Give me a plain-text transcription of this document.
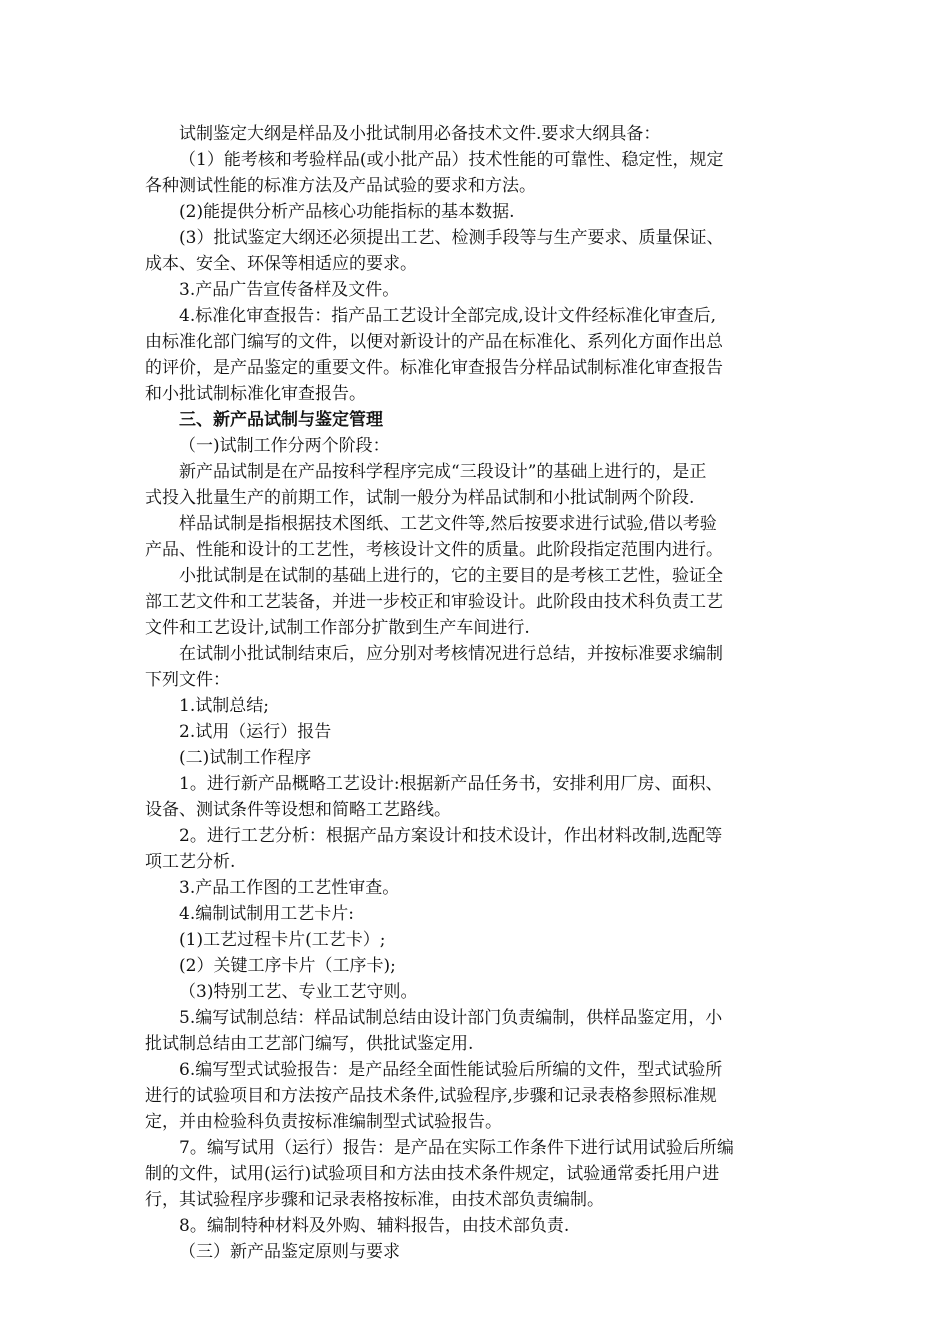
试制鉴定大纲是样品及小批试制用必备技术文件.要求大纲具备：
（1）能考核和考验样品(或小批产品）技术性能的可靠性、稳定性，规定
各种测试性能的标准方法及产品试验的要求和方法。
(2)能提供分析产品核心功能指标的基本数据.
(3）批试鉴定大纲还必须提出工艺、检测手段等与生产要求、质量保证、
成本、安全、环保等相适应的要求。
3.产品广告宣传备样及文件。
4.标准化审查报告：指产品工艺设计全部完成,设计文件经标准化审查后,
由标准化部门编写的文件，以便对新设计的产品在标准化、系列化方面作出总
的评价，是产品鉴定的重要文件。标准化审查报告分样品试制标准化审查报告
和小批试制标准化审查报告。
三、新产品试制与鉴定管理
（一)试制工作分两个阶段：
新产品试制是在产品按科学程序完成“三段设计”的基础上进行的，是正
式投入批量生产的前期工作，试制一般分为样品试制和小批试制两个阶段.
样品试制是指根据技术图纸、工艺文件等,然后按要求进行试验,借以考验
产品、性能和设计的工艺性，考核设计文件的质量。此阶段指定范围内进行。
小批试制是在试制的基础上进行的，它的主要目的是考核工艺性，验证全
部工艺文件和工艺装备，并进一步校正和审验设计。此阶段由技术科负责工艺
文件和工艺设计,试制工作部分扩散到生产车间进行.
在试制小批试制结束后，应分别对考核情况进行总结，并按标准要求编制
下列文件：
1.试制总结;
2.试用（运行）报告
(二)试制工作程序
1。进行新产品概略工艺设计:根据新产品任务书，安排利用厂房、面积、
设备、测试条件等设想和简略工艺路线。
2。进行工艺分析：根据产品方案设计和技术设计，作出材料改制,选配等
项工艺分析.
3.产品工作图的工艺性审查。
4.编制试制用工艺卡片:
(1)工艺过程卡片(工艺卡）;
(2）关键工序卡片（工序卡);
（3)特别工艺、专业工艺守则。
5.编写试制总结：样品试制总结由设计部门负责编制，供样品鉴定用，小
批试制总结由工艺部门编写，供批试鉴定用.
6.编写型式试验报告：是产品经全面性能试验后所编的文件，型式试验所
进行的试验项目和方法按产品技术条件,试验程序,步骤和记录表格参照标准规
定，并由检验科负责按标准编制型式试验报告。
7。编写试用（运行）报告：是产品在实际工作条件下进行试用试验后所编
制的文件，试用(运行)试验项目和方法由技术条件规定，试验通常委托用户进
行，其试验程序步骤和记录表格按标准，由技术部负责编制。
8。编制特种材料及外购、辅料报告，由技术部负责.
（三）新产品鉴定原则与要求
